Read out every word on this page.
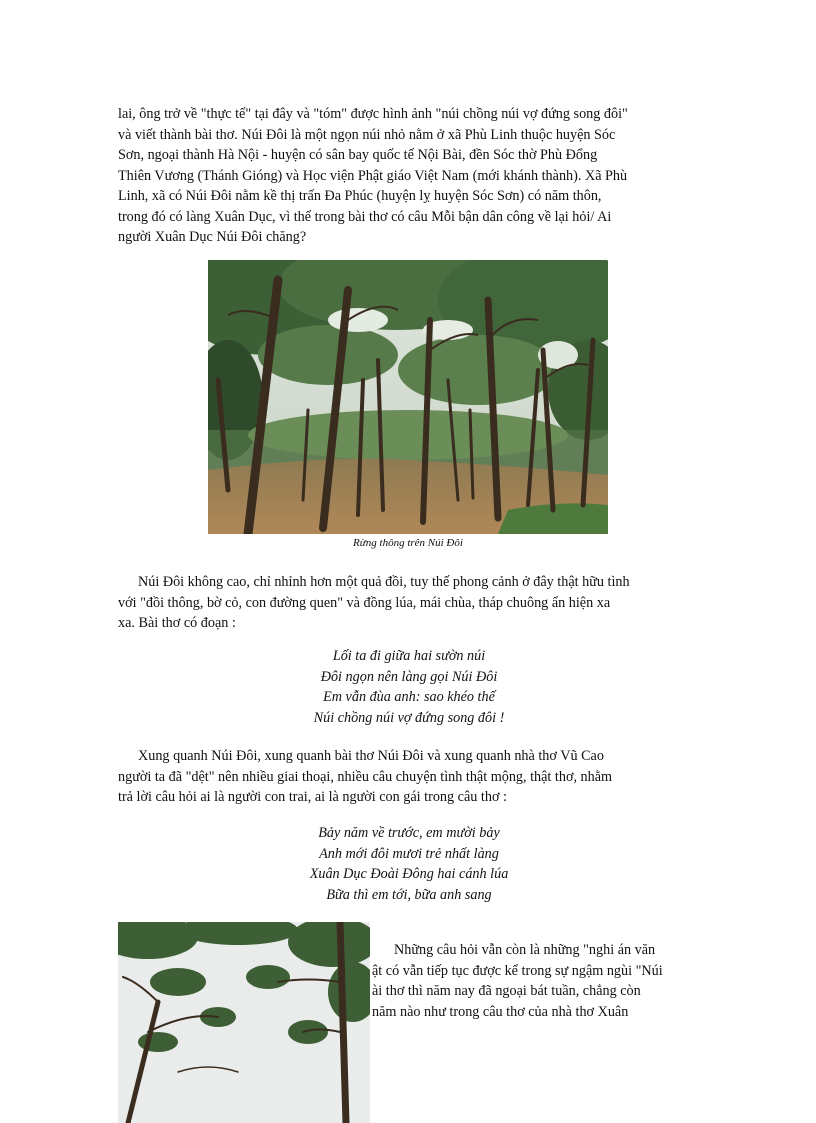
lai, ông trở về "thực tế" tại đây và "tóm" được hình ảnh "núi chồng núi vợ đứng song đôi"
và viết thành bài thơ. Núi Đôi là một ngọn núi nhỏ nằm ở xã Phù Linh thuộc huyện Sóc
Sơn, ngoại thành Hà Nội - huyện có sân bay quốc tế Nội Bài, đền Sóc thờ Phù Đổng
Thiên Vương (Thánh Gióng) và Học viện Phật giáo Việt Nam (mới khánh thành). Xã Phù
Linh, xã có Núi Đôi nằm kề thị trấn Đa Phúc (huyện lỵ huyện Sóc Sơn) có năm thôn,
trong đó có làng Xuân Dục, vì thế trong bài thơ có câu Mỗi bận dân công về lại hỏi/ Ai
người Xuân Dục Núi Đôi chăng?
Rừng thông trên Núi Đôi
Núi Đôi không cao, chỉ nhỉnh hơn một quả đồi, tuy thế phong cảnh ở đây thật hữu tình
với "đồi thông, bờ cỏ, con đường quen" và đồng lúa, mái chùa, tháp chuông ẩn hiện xa
xa. Bài thơ có đoạn :
Lối ta đi giữa hai sườn núi
Đôi ngọn nên làng gọi Núi Đôi
Em vẫn đùa anh: sao khéo thế
Núi chồng núi vợ đứng song đôi !
Xung quanh Núi Đôi, xung quanh bài thơ Núi Đôi và xung quanh nhà thơ Vũ Cao
người ta đã "dệt" nên nhiều giai thoại, nhiều câu chuyện tình thật mộng, thật thơ, nhằm
trả lời câu hỏi ai là người con trai, ai là người con gái trong câu thơ :
Bảy năm về trước, em mười bảy
Anh mới đôi mươi trẻ nhất làng
Xuân Dục Đoài Đông hai cánh lúa
Bữa thì em tới, bữa anh sang
Những câu hỏi vẫn còn là những "nghi án văn
ật có vẫn tiếp tục được kể trong sự ngậm ngùi "Núi
ài thơ thì năm nay đã ngoại bát tuần, chẳng còn
năm nào như trong câu thơ của nhà thơ Xuân
